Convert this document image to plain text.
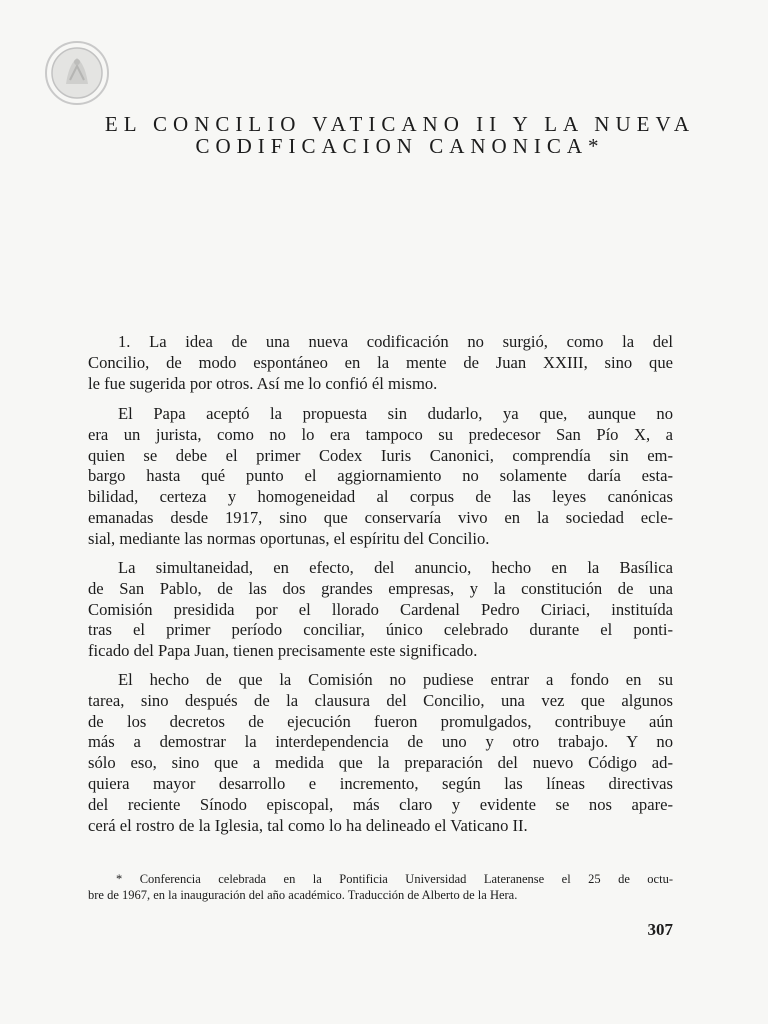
EL CONCILIO VATICANO II Y LA NUEVA
CODIFICACION CANONICA*
1. La idea de una nueva codificación no surgió, como la del
Concilio, de modo espontáneo en la mente de Juan XXIII, sino que
le fue sugerida por otros. Así me lo confió él mismo.
El Papa aceptó la propuesta sin dudarlo, ya que, aunque no
era un jurista, como no lo era tampoco su predecesor San Pío X, a
quien se debe el primer Codex Iuris Canonici, comprendía sin em-
bargo hasta qué punto el aggiornamiento no solamente daría esta-
bilidad, certeza y homogeneidad al corpus de las leyes canónicas
emanadas desde 1917, sino que conservaría vivo en la sociedad ecle-
sial, mediante las normas oportunas, el espíritu del Concilio.
La simultaneidad, en efecto, del anuncio, hecho en la Basílica
de San Pablo, de las dos grandes empresas, y la constitución de una
Comisión presidida por el llorado Cardenal Pedro Ciriaci, instituída
tras el primer período conciliar, único celebrado durante el ponti-
ficado del Papa Juan, tienen precisamente este significado.
El hecho de que la Comisión no pudiese entrar a fondo en su
tarea, sino después de la clausura del Concilio, una vez que algunos
de los decretos de ejecución fueron promulgados, contribuye aún
más a demostrar la interdependencia de uno y otro trabajo. Y no
sólo eso, sino que a medida que la preparación del nuevo Código ad-
quiera mayor desarrollo e incremento, según las líneas directivas
del reciente Sínodo episcopal, más claro y evidente se nos apare-
cerá el rostro de la Iglesia, tal como lo ha delineado el Vaticano II.
* Conferencia celebrada en la Pontificia Universidad Lateranense el 25 de octu-
bre de 1967, en la inauguración del año académico. Traducción de Alberto de la Hera.
307
